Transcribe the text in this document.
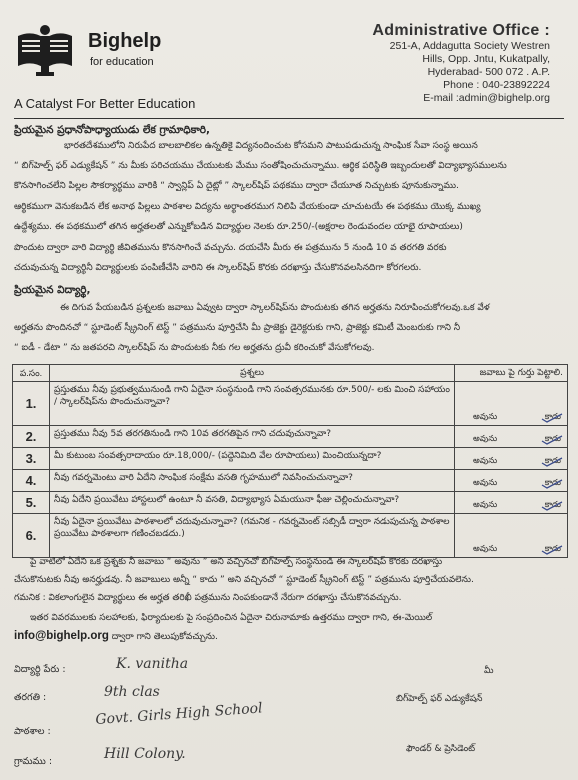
Bighelp
for education
A Catalyst For Better Education
Administrative Office :
251-A, Addagutta Society Westren
Hills, Opp. Jntu, Kukatpally,
Hyderabad- 500 072 . A.P.
Phone : 040-23892224
E-mail :admin@bighelp.org
ప్రియమైన ప్రధానోపాధ్యాయుడు లేక గ్రామాధికారి,
భారతదేశములోని నిరుపేద బాలబాలికల ఉన్నతికై విద్యనందించుట కోసమని పాటుపడుచున్న సాంఘిక సేవా సంస్థ అయిన
“ బిగ్‌హెల్ప్ ఫర్ ఎడ్యుకేషన్ ” ను మీకు పరిచయము చేయుటకు మేము సంతోషించుచున్నాము. ఆర్థిక పరిస్థితి ఇబ్బందులతో విద్యాభ్యాసములను
కొనసాగించలేని పిల్లల సౌకర్యార్థము వారికి “ స్వాన్లిప్ ఏ దైట్లో ” స్కాలర్‌షిప్ పథకము ద్వారా చేయూత నిచ్చుటకు పూనుకున్నాము.
ఆర్థికముగా వెనుకబడిన లేక అనాథ పిల్లలు పాఠశాల విద్యను అర్థాంతరముగ నిలిపి వేయకుండా చూచుటయే ఈ పథకము యొక్క ముఖ్య
ఉద్దేశ్యము. ఈ పథకములో తగిన అర్హతలతో ఎన్నుకోబడిన విద్యార్థుల నెలకు రూ.250/-(అక్షరాల రెండువందల యాభై రూపాయలు)
పొందుట ద్వారా వారి విద్యార్థి జీవితమును కొనసాగించే వచ్చును. దయచేసి మీరు ఈ పత్రమును 5 నుండి 10 వ తరగతి వరకు
చదువుచున్న విద్యార్థినీ విద్యార్థులకు పంపిణీచేసి వారిని ఈ స్కాలర్‌షిప్ కొరకు దరఖాస్తు చేసుకొనవలసినదిగా కోరగలరు.
ప్రియమైన విద్యార్థి,
ఈ దిగువ పేయబడిన ప్రశ్నలకు జవాబు ఏవ్వుట ద్వారా స్కాలర్‌షిప్‌ను పొందుటకు తగిన అర్హతను నిరూపించుకోగలవు.ఒక వేళ
అర్హతను పొందినచో “ స్టూడెంట్ స్క్రీనింగ్ టెస్ట్ ” పత్రమును పూర్తిచేసి మీ ప్రాజెక్టు డైరెక్టరుకు గాని, ప్రాజెక్టు కమిటీ మెంబరుకు గాని నీ
“ ఐడీ - డేటా ” ను జతపరచి స్కాలర్‌షిప్ ను పొందుటకు నీకు గల అర్హతను ద్రువీ కరించుకో వేసుకోగలవు.
ప.సం.	ప్రశ్నలు	జవాబు పై గుర్తు పెట్టాలి.
1.	ప్రస్తుతము నీవు ప్రభుత్వమునుండి గాని ఏదైనా సంస్థనుండి గాని సంవత్సరమునకు రూ.500/- లకు మించి సహాయం / స్కాలర్‌షిప్‌ను పొందుచున్నావా?	అవును కాదు

2.	ప్రస్తుతము నీవు 5వ తరగతినుండి గాని 10వ తరగతిపైన గాని చదువుచున్నావా?	అవును కాదు

3.	మీ కుటుంబ సంవత్సరాదాయం రూ.18,000/- (పద్దెనిమిది వేల రూపాయలు) మించియున్నదా?	అవును కాదు

4.	నీవు గవర్నమెంటు వారి ఏదేని సాంఘిక సంక్షేమ వసతి గృహములో నివసించుచున్నావా?	అవును కాదు

5.	నీవు ఏదేని ప్రయివేటు హాస్టలులో ఉంటూ నీ వసతి, విద్యాభ్యాస ఏమయునా ఫీజు చెల్లించుచున్నావా?	అవును కాదు

6.	నీవు ఏదైనా ప్రయివేటు పాఠశాలలో చదువుచున్నావా? (గమనిక - గవర్నమెంట్ సబ్సిడీ ద్వారా నడుపుచున్న పాఠశాల ప్రయివేటు పాఠశాలగా గణించబడదు.)	అవును కాదు
పై వాటిలో ఏదేని ఒక ప్రశ్నకు నీ జవాబు “ అవును ” అని వచ్చినచో బిగ్‌హెల్ప్ సంస్థనుండి ఈ స్కాలర్‌షిప్ కొరకు దరఖాస్తు
చేసుకొనుటకు నీవు అనర్హుడవు. నీ జవాబులు అన్నీ “ కాదు ” అని వచ్చినచో “ స్టూడెంట్ స్క్రీనింగ్ టెస్ట్ ” పత్రమును పూర్తిచేయవలెను.
గమనిక : వికలాంగులైన విద్యార్థులు ఈ అర్హత తరిఖీ పత్రమును నింపకుండానే నేరుగా దరఖాస్తు చేసుకొనవచ్చును.
ఇతర వివరములకు సలహాలకు, ఫిర్యాదులకు పై సంప్రదించిన ఏదైనా చిరునామాకు ఉత్తరము ద్వారా గాని, ఈ-మెయిల్
info@bighelp.org ద్వారా గాని తెలుపుకోవచ్చును.
విద్యార్థి పేరు :	K. vanitha
తరగతి :	9th clas
పాఠశాల :
Govt. Girls High School
గ్రామము :	Hill Colony.
మీ
బిగ్‌హెల్ప్ ఫర్ ఎడ్యుకేషన్
ఫౌండర్ & ప్రెసిడెంట్
